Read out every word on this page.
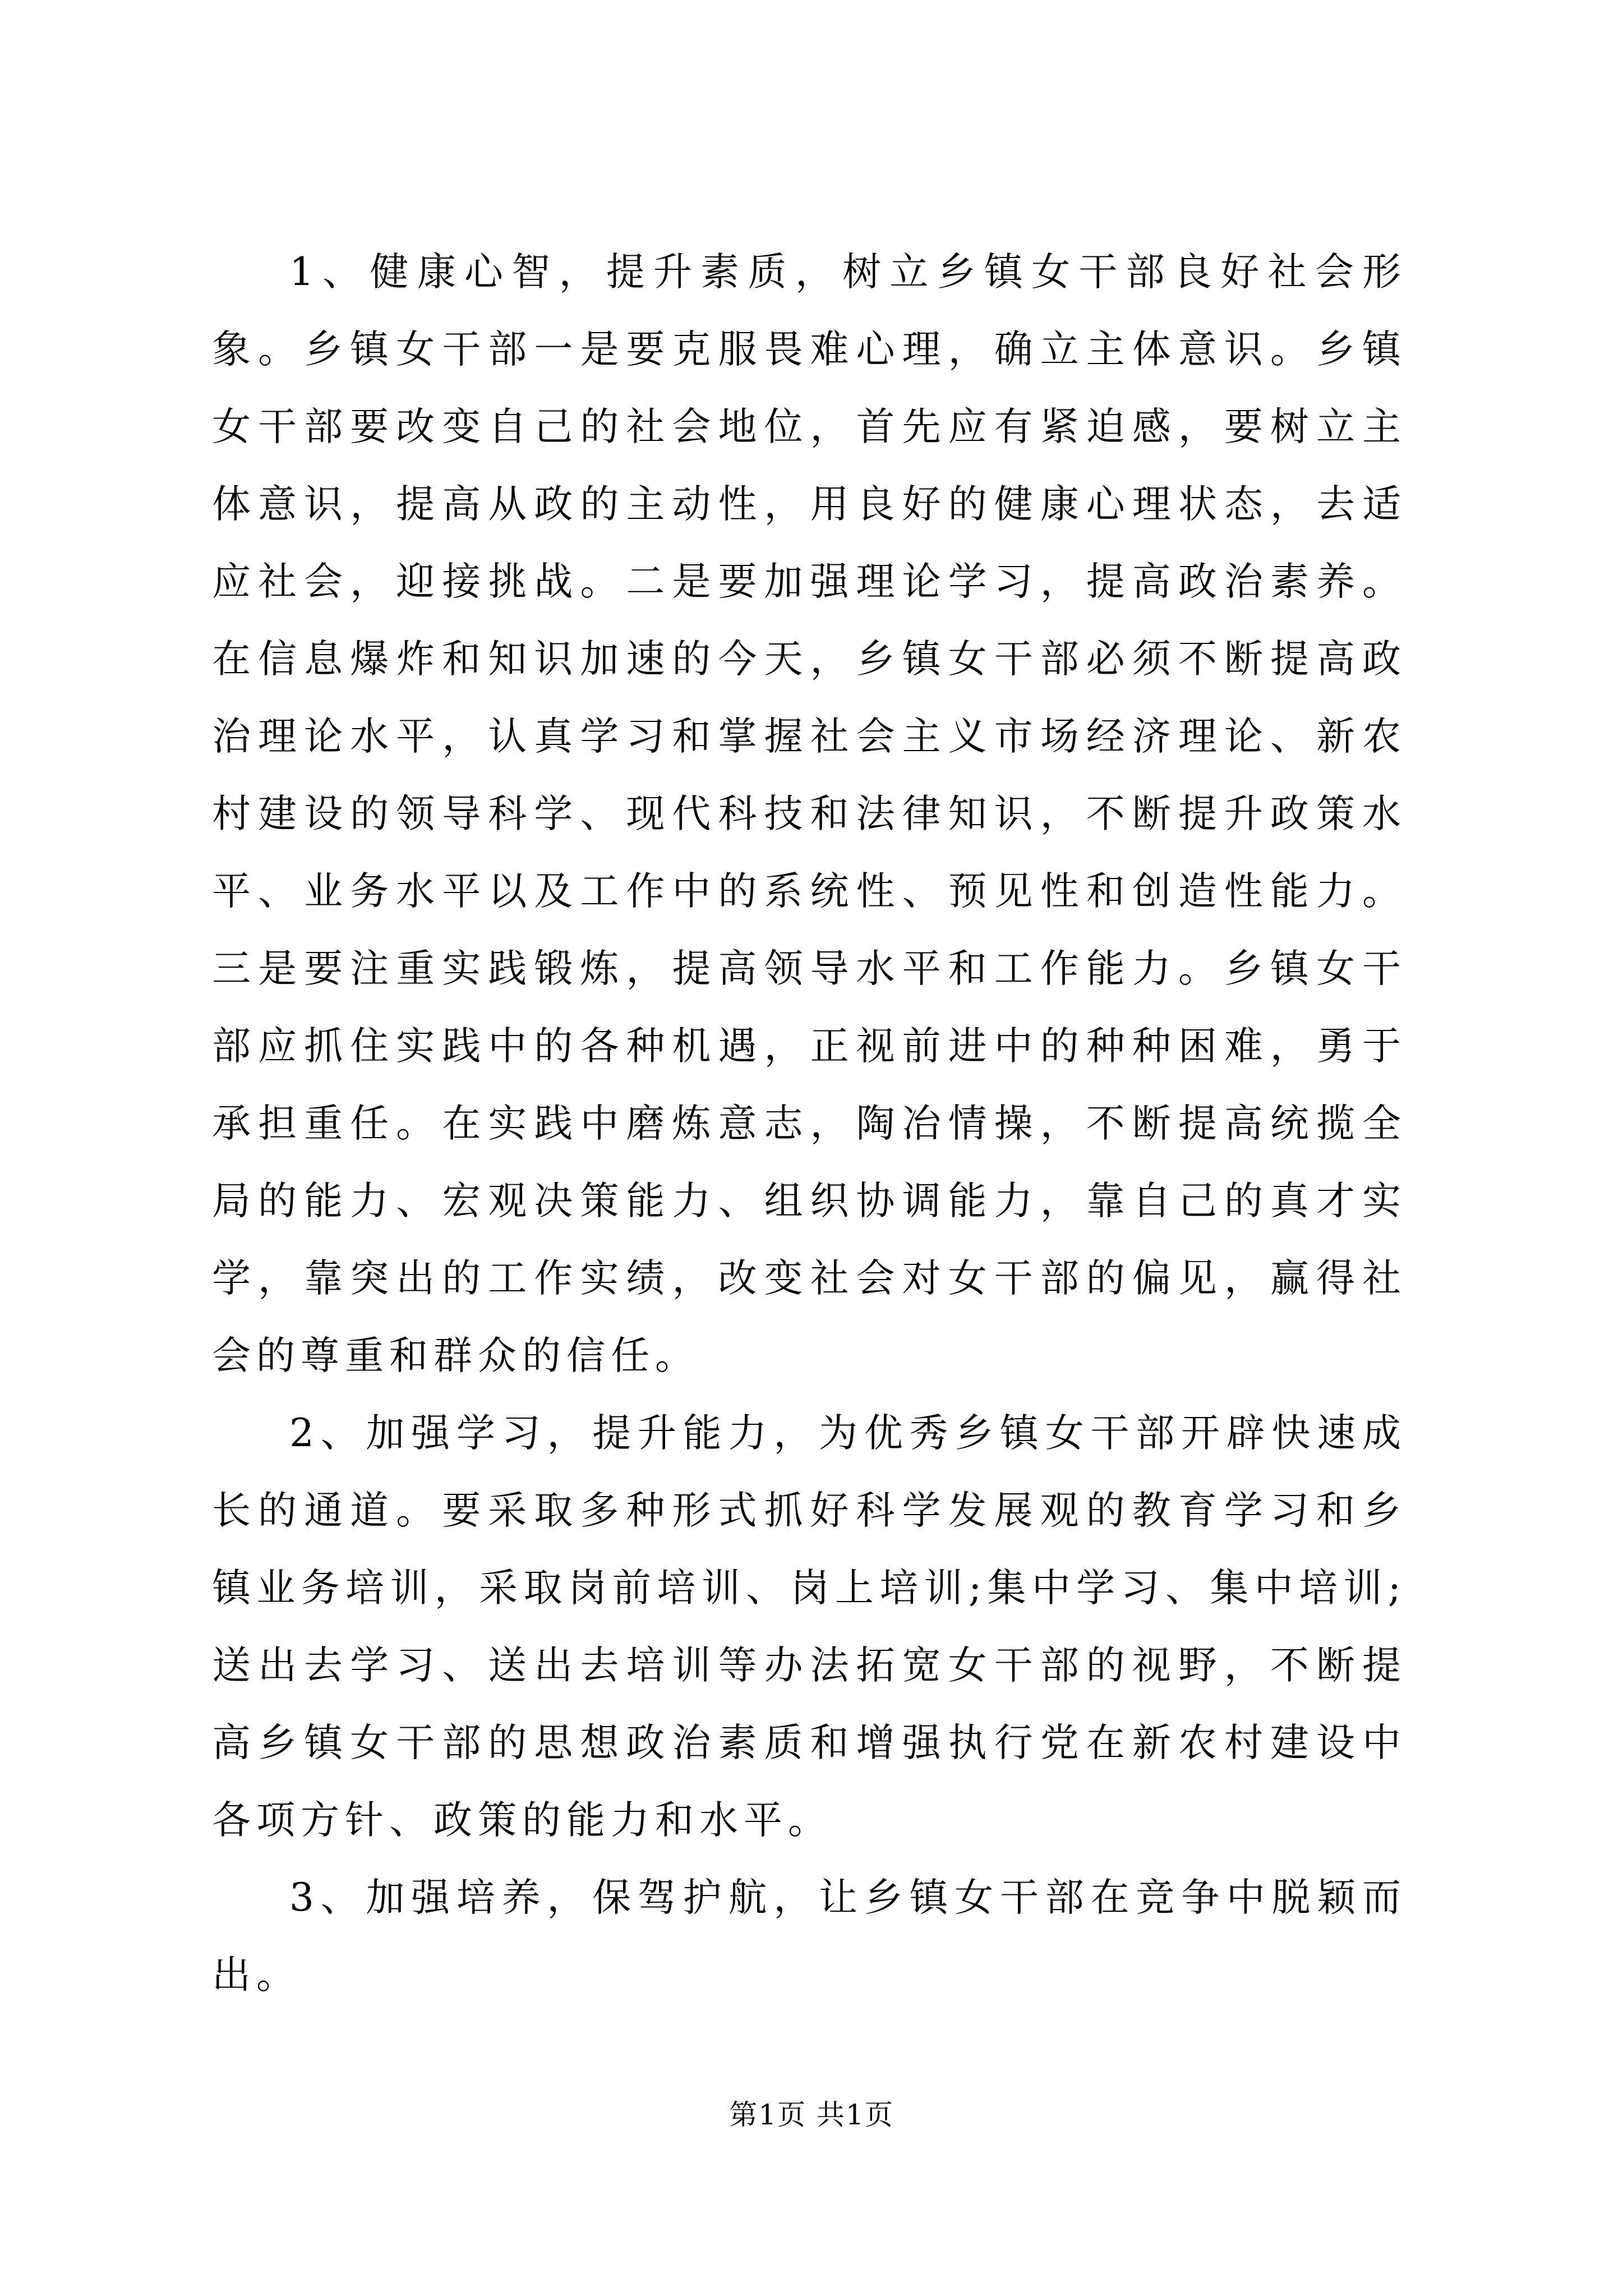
1、健康心智，提升素质，树立乡镇女干部良好社会形象。乡镇女干部一是要克服畏难心理，确立主体意识。乡镇女干部要改变自己的社会地位，首先应有紧迫感，要树立主体意识，提高从政的主动性，用良好的健康心理状态，去适应社会，迎接挑战。二是要加强理论学习，提高政治素养。在信息爆炸和知识加速的今天，乡镇女干部必须不断提高政治理论水平，认真学习和掌握社会主义市场经济理论、新农村建设的领导科学、现代科技和法律知识，不断提升政策水平、业务水平以及工作中的系统性、预见性和创造性能力。三是要注重实践锻炼，提高领导水平和工作能力。乡镇女干部应抓住实践中的各种机遇，正视前进中的种种困难，勇于承担重任。在实践中磨炼意志，陶冶情操，不断提高统揽全局的能力、宏观决策能力、组织协调能力，靠自己的真才实学，靠突出的工作实绩，改变社会对女干部的偏见，赢得社会的尊重和群众的信任。

2、加强学习，提升能力，为优秀乡镇女干部开辟快速成长的通道。要采取多种形式抓好科学发展观的教育学习和乡镇业务培训，采取岗前培训、岗上培训;集中学习、集中培训;送出去学习、送出去培训等办法拓宽女干部的视野，不断提高乡镇女干部的思想政治素质和增强执行党在新农村建设中各项方针、政策的能力和水平。

3、加强培养，保驾护航，让乡镇女干部在竞争中脱颖而出。

第1页 共1页
